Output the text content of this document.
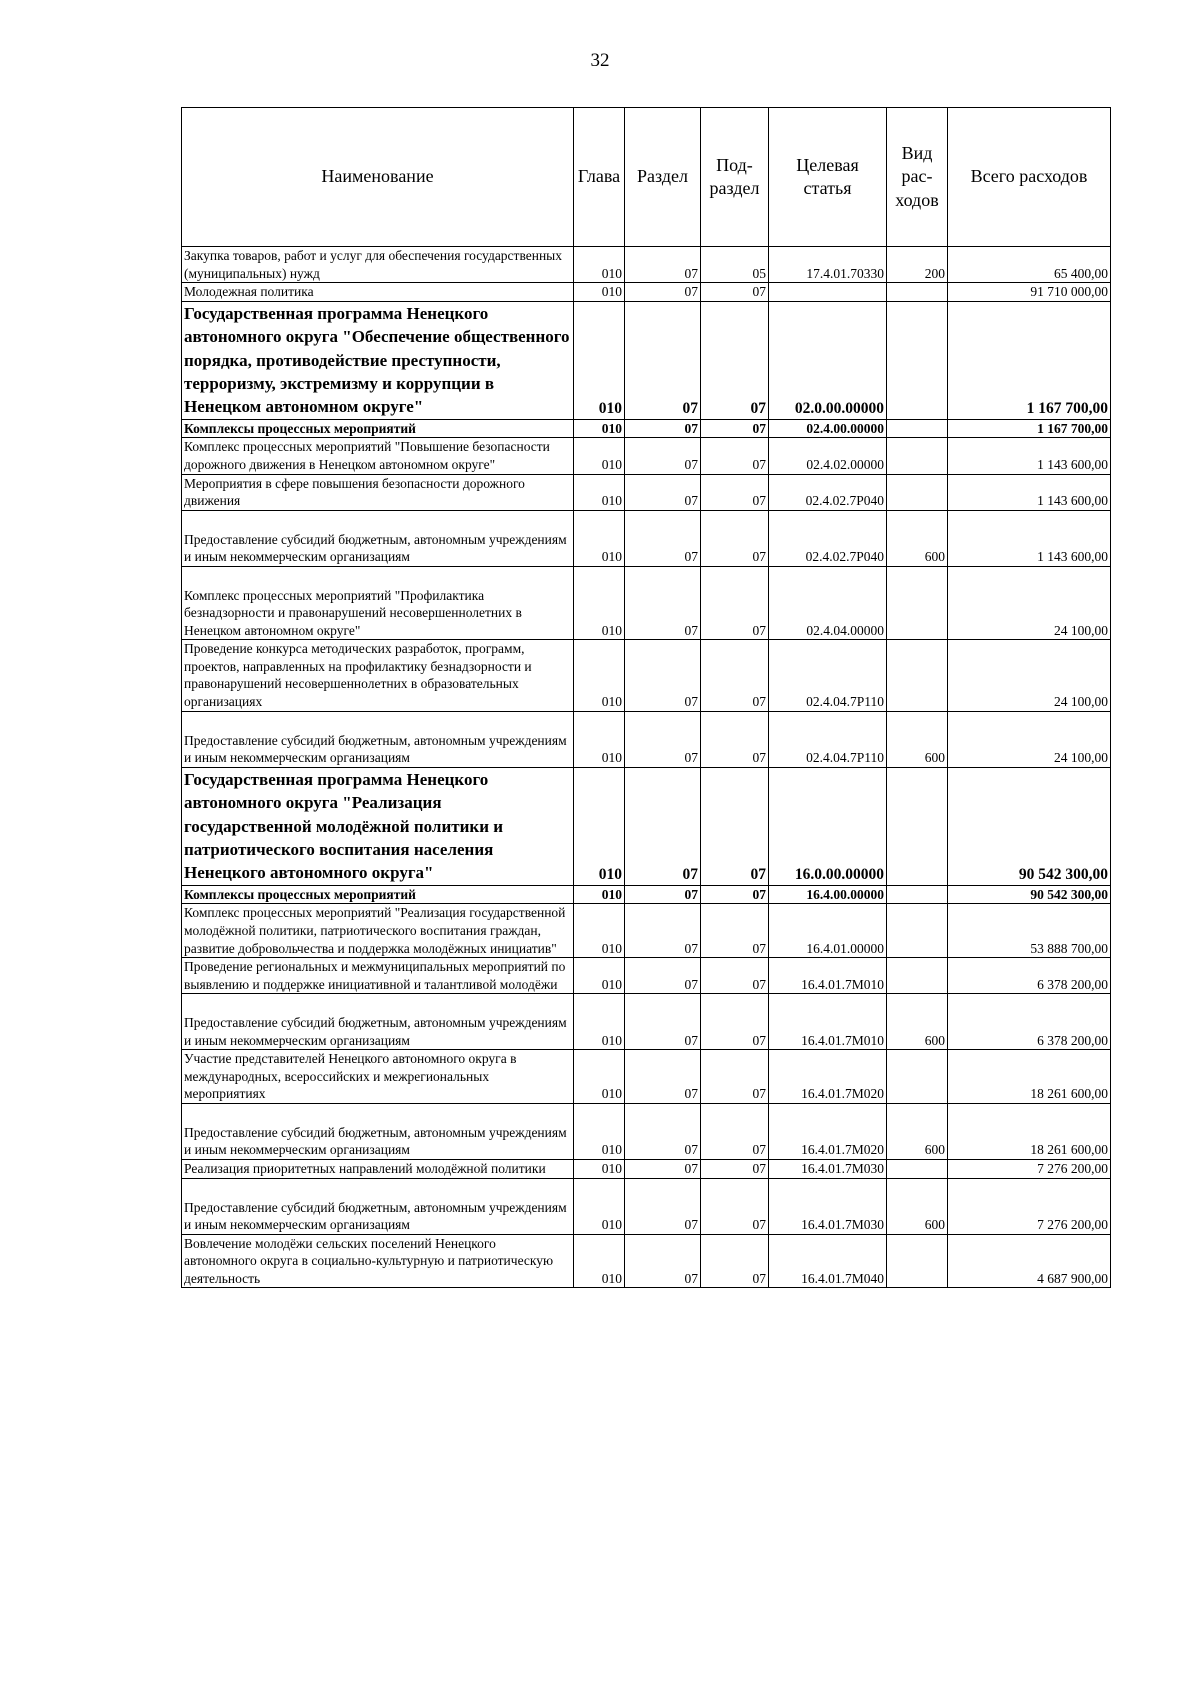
32
Наименование	Глава	Раздел	Под-раздел	Целевая статья	Вид рас-ходов	Всего расходов
Закупка товаров, работ и услуг для обеспечения государственных (муниципальных) нужд	010	07	05	17.4.01.70330	200	65 400,00
Молодежная политика	010	07	07			91 710 000,00
Государственная программа Ненецкого автономного округа "Обеспечение общественного порядка, противодействие преступности, терроризму, экстремизму и коррупции в Ненецком автономном округе"	010	07	07	02.0.00.00000		1 167 700,00
Комплексы процессных мероприятий	010	07	07	02.4.00.00000		1 167 700,00
Комплекс процессных мероприятий "Повышение безопасности дорожного движения в Ненецком автономном округе"	010	07	07	02.4.02.00000		1 143 600,00
Мероприятия в сфере повышения безопасности дорожного движения	010	07	07	02.4.02.7Р040		1 143 600,00
Предоставление субсидий бюджетным, автономным учреждениям и иным некоммерческим организациям	010	07	07	02.4.02.7Р040	600	1 143 600,00
Комплекс процессных мероприятий "Профилактика безнадзорности и правонарушений несовершеннолетних в Ненецком автономном округе"	010	07	07	02.4.04.00000		24 100,00
Проведение конкурса методических разработок, программ, проектов, направленных на профилактику безнадзорности и правонарушений несовершеннолетних в образовательных организациях	010	07	07	02.4.04.7Р110		24 100,00
Предоставление субсидий бюджетным, автономным учреждениям и иным некоммерческим организациям	010	07	07	02.4.04.7Р110	600	24 100,00
Государственная программа Ненецкого автономного округа "Реализация государственной молодёжной политики и патриотического воспитания населения Ненецкого автономного округа"	010	07	07	16.0.00.00000		90 542 300,00
Комплексы процессных мероприятий	010	07	07	16.4.00.00000		90 542 300,00
Комплекс процессных мероприятий "Реализация государственной молодёжной политики, патриотического воспитания граждан, развитие добровольчества и поддержка молодёжных инициатив"	010	07	07	16.4.01.00000		53 888 700,00
Проведение региональных и межмуниципальных мероприятий по выявлению и поддержке инициативной и талантливой молодёжи	010	07	07	16.4.01.7М010		6 378 200,00
Предоставление субсидий бюджетным, автономным учреждениям и иным некоммерческим организациям	010	07	07	16.4.01.7М010	600	6 378 200,00
Участие представителей Ненецкого автономного округа в международных, всероссийских и межрегиональных мероприятиях	010	07	07	16.4.01.7М020		18 261 600,00
Предоставление субсидий бюджетным, автономным учреждениям и иным некоммерческим организациям	010	07	07	16.4.01.7М020	600	18 261 600,00
Реализация приоритетных направлений молодёжной политики	010	07	07	16.4.01.7М030		7 276 200,00
Предоставление субсидий бюджетным, автономным учреждениям и иным некоммерческим организациям	010	07	07	16.4.01.7М030	600	7 276 200,00
Вовлечение молодёжи сельских поселений Ненецкого автономного округа в социально-культурную и патриотическую деятельность	010	07	07	16.4.01.7М040		4 687 900,00
